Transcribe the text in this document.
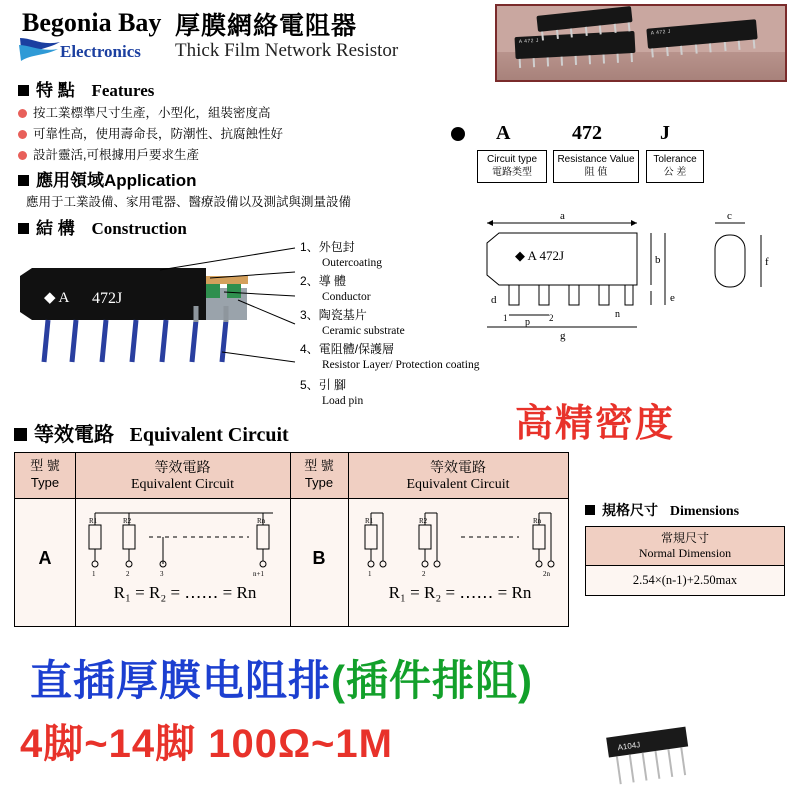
Begonia Bay
Electronics
厚膜網絡電阻器
Thick Film Network Resistor	A 472 J
A 472 J
特 點 Features
按工業標準尺寸生產，小型化，組裝密度高
可靠性高，使用壽命長，防潮性、抗腐蝕性好
設計靈活,可根據用戶要求生產
應用領域Application
應用于工業設備、家用電器、醫療設備以及測試與測量設備
結 構 Construction
◆ A 472J
1、外包封
Outercoating
2、導 體
Conductor
3、陶瓷基片
Ceramic substrate
4、電阻體/保護層
Resistor Layer/ Protection coating
5、引 腳
Load pin
A	472	J
Circuit type
電路类型
Resistance Value
阻 值
Tolerance
公 差
◆ A 472J
a
b
e
g
d
1 p 2	n
c
f
高精密度
等效電路 Equivalent Circuit
型 號
Type
等效電路
Equivalent Circuit
型 號
Type
等效電路
Equivalent Circuit
A
R1	R2	Rn
1	2	3	n+1
R₁ = R₂ = ‥‥‥ = Rn
B
R1	R2	Rn
1	2	2n
R₁ = R₂ = ‥‥‥ = Rn
規格尺寸 Dimensions
常規尺寸
Normal Dimension
2.54×(n-1)+2.50max
直插厚膜电阻排(插件排阻)
4脚~14脚 100Ω~1M	A104J
